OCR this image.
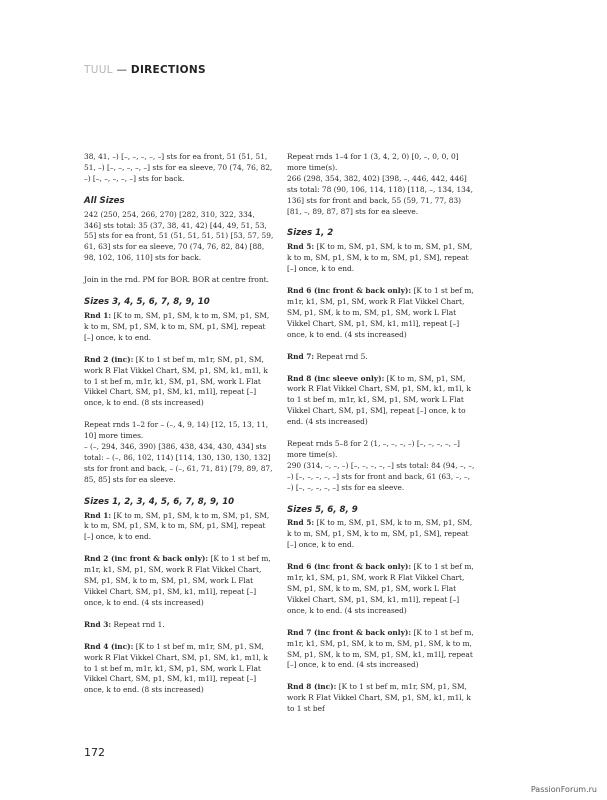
TUUL — DIRECTIONS

38, 41, –) [–, –, –, –, –] sts for ea front, 51 (51, 51, 51, –) [–, –, –, –, –] sts for ea sleeve, 70 (74, 76, 82, –) [–, –, –, –, –] sts for back.

All Sizes

242 (250, 254, 266, 270) [282, 310, 322, 334, 346] sts total: 35 (37, 38, 41, 42) [44, 49, 51, 53, 55] sts for ea front, 51 (51, 51, 51, 51) [53, 57, 59, 61, 63] sts for ea sleeve, 70 (74, 76, 82, 84) [88, 98, 102, 106, 110] sts for back.

Join in the rnd. PM for BOR. BOR at centre front.

Sizes 3, 4, 5, 6, 7, 8, 9, 10

Rnd 1: [K to m, SM, p1, SM, k to m, SM, p1, SM, k to m, SM, p1, SM, k to m, SM, p1, SM], repeat [–] once, k to end.

Rnd 2 (inc): [K to 1 st bef m, m1r, SM, p1, SM, work R Flat Vikkel Chart, SM, p1, SM, k1, m1l, k to 1 st bef m, m1r, k1, SM, p1, SM, work L Flat Vikkel Chart, SM, p1, SM, k1, m1l], repeat [–] once, k to end. (8 sts increased)

Repeat rnds 1–2 for – (–, 4, 9, 14) [12, 15, 13, 11, 10] more times.

– (–, 294, 346, 390) [386, 438, 434, 430, 434] sts total: – (–, 86, 102, 114) [114, 130, 130, 130, 132] sts for front and back, – (–, 61, 71, 81) [79, 89, 87, 85, 85] sts for ea sleeve.

Sizes 1, 2, 3, 4, 5, 6, 7, 8, 9, 10

Rnd 1: [K to m, SM, p1, SM, k to m, SM, p1, SM, k to m, SM, p1, SM, k to m, SM, p1, SM], repeat [–] once, k to end.

Rnd 2 (inc front & back only): [K to 1 st bef m, m1r, k1, SM, p1, SM, work R Flat Vikkel Chart, SM, p1, SM, k to m, SM, p1, SM, work L Flat Vikkel Chart, SM, p1, SM, k1, m1l], repeat [–] once, k to end. (4 sts increased)

Rnd 3: Repeat rnd 1.

Rnd 4 (inc): [K to 1 st bef m, m1r, SM, p1, SM, work R Flat Vikkel Chart, SM, p1, SM, k1, m1l, k to 1 st bef m, m1r, k1, SM, p1, SM, work L Flat Vikkel Chart, SM, p1, SM, k1, m1l], repeat [–] once, k to end. (8 sts increased)

Repeat rnds 1–4 for 1 (3, 4, 2, 0) [0, –, 0, 0, 0] more time(s).

266 (298, 354, 382, 402) [398, –, 446, 442, 446] sts total: 78 (90, 106, 114, 118) [118, –, 134, 134, 136] sts for front and back, 55 (59, 71, 77, 83) [81, –, 89, 87, 87] sts for ea sleeve.

Sizes 1, 2

Rnd 5: [K to m, SM, p1, SM, k to m, SM, p1, SM, k to m, SM, p1, SM, k to m, SM, p1, SM], repeat [–] once, k to end.

Rnd 6 (inc front & back only): [K to 1 st bef m, m1r, k1, SM, p1, SM, work R Flat Vikkel Chart, SM, p1, SM, k to m, SM, p1, SM, work L Flat Vikkel Chart, SM, p1, SM, k1, m1l], repeat [–] once, k to end. (4 sts increased)

Rnd 7: Repeat rnd 5.

Rnd 8 (inc sleeve only): [K to m, SM, p1, SM, work R Flat Vikkel Chart, SM, p1, SM, k1, m1l, k to 1 st bef m, m1r, k1, SM, p1, SM, work L Flat Vikkel Chart, SM, p1, SM], repeat [–] once, k to end. (4 sts increased)

Repeat rnds 5–8 for 2 (1, –, –, –, –) [–, –, –, –, –] more time(s).

290 (314, –, –, –) [–, –, –, –, –] sts total: 84 (94, –, –, –) [–, –, –, –, –] sts for front and back, 61 (63, –, –, –) [–, –, –, –, –] sts for ea sleeve.

Sizes 5, 6, 8, 9

Rnd 5: [K to m, SM, p1, SM, k to m, SM, p1, SM, k to m, SM, p1, SM, k to m, SM, p1, SM], repeat [–] once, k to end.

Rnd 6 (inc front & back only): [K to 1 st bef m, m1r, k1, SM, p1, SM, work R Flat Vikkel Chart, SM, p1, SM, k to m, SM, p1, SM, work L Flat Vikkel Chart, SM, p1, SM, k1, m1l], repeat [–] once, k to end. (4 sts increased)

Rnd 7 (inc front & back only): [K to 1 st bef m, m1r, k1, SM, p1, SM, k to m, SM, p1, SM, k to m, SM, p1, SM, k to m, SM, p1, SM, k1, m1l], repeat [–] once, k to end. (4 sts increased)

Rnd 8 (inc): [K to 1 st bef m, m1r, SM, p1, SM, work R Flat Vikkel Chart, SM, p1, SM, k1, m1l, k to 1 st bef

172
PassionForum.ru
